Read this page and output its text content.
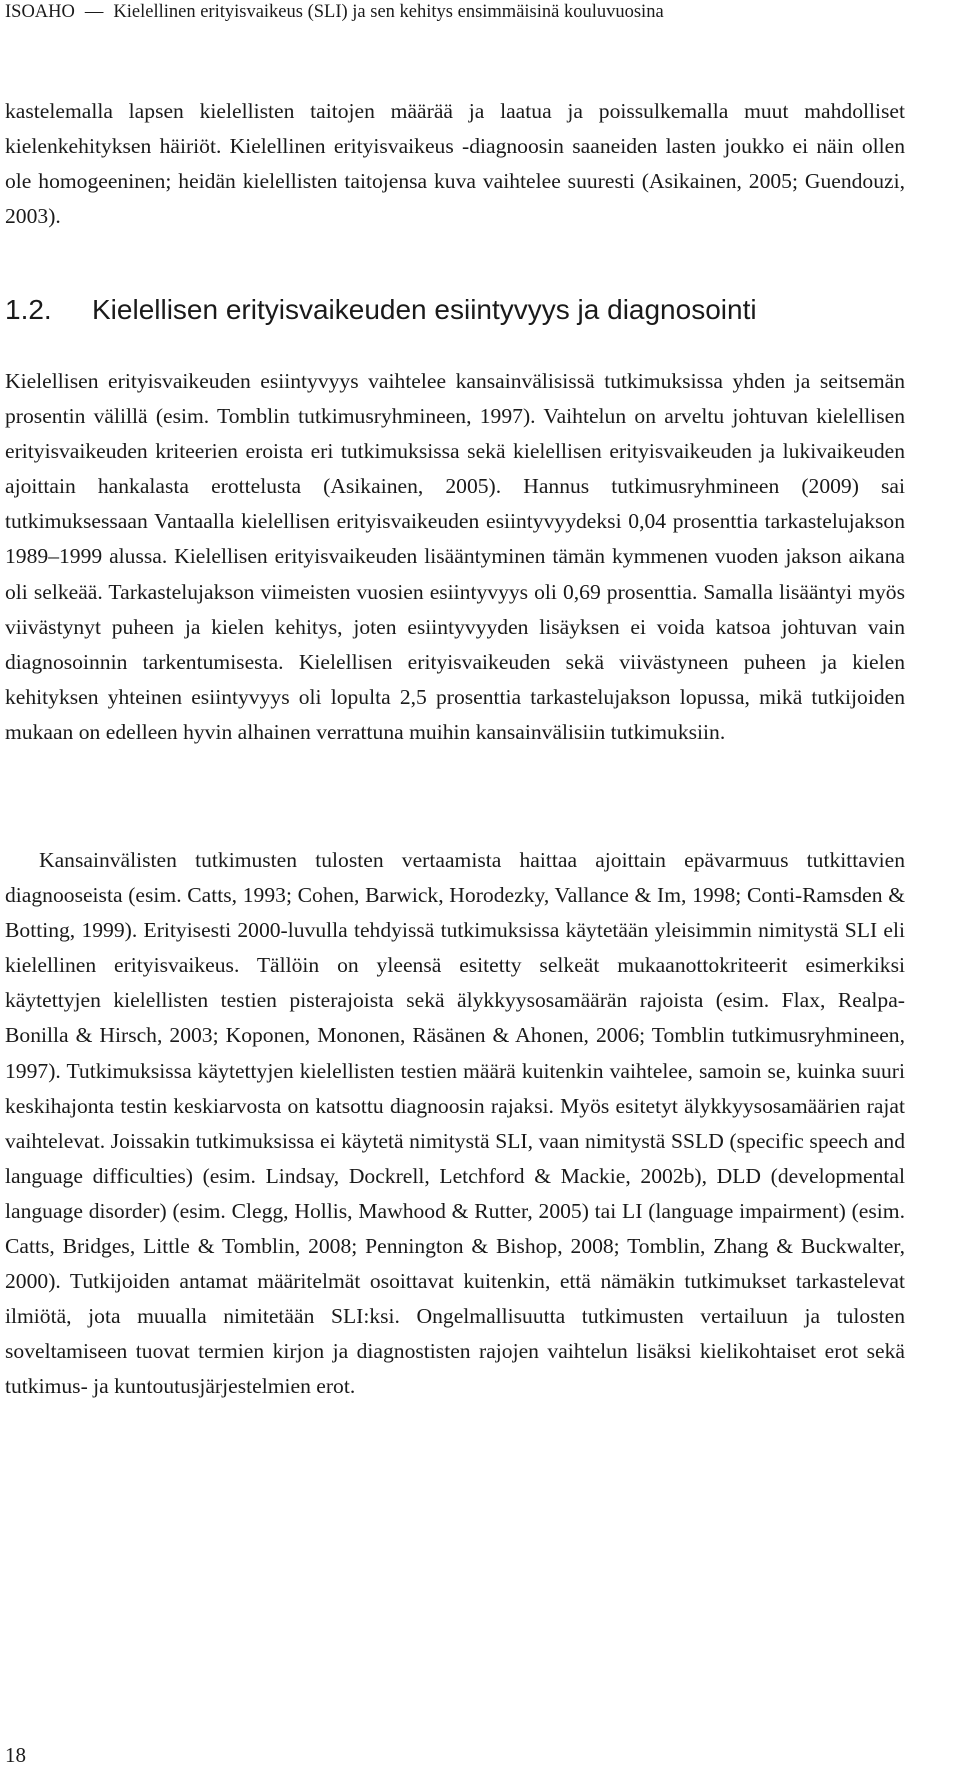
ISOAHO — Kielellinen erityisvaikeus (SLI) ja sen kehitys ensimmäisinä kouluvuosina

kastelemalla lapsen kielellisten taitojen määrää ja laatua ja poissulkemalla muut mahdolliset kielenkehityksen häiriöt. Kielellinen erityisvaikeus -diagnoosin saaneiden lasten joukko ei näin ollen ole homogeeninen; heidän kielellisten taitojensa kuva vaihtelee suuresti (Asikainen, 2005; Guendouzi, 2003).

1.2. Kielellisen erityisvaikeuden esiintyvyys ja diagnosointi

Kielellisen erityisvaikeuden esiintyvyys vaihtelee kansainvälisissä tutkimuksissa yhden ja seitsemän prosentin välillä (esim. Tomblin tutkimusryhmineen, 1997). Vaihtelun on arveltu johtuvan kielellisen erityisvaikeuden kriteerien eroista eri tutkimuksissa sekä kielellisen erityisvaikeuden ja lukivaikeuden ajoittain hankalasta erottelusta (Asikainen, 2005). Hannus tutkimusryhmineen (2009) sai tutkimuksessaan Vantaalla kielellisen erityisvaikeuden esiintyvyydeksi 0,04 prosenttia tarkastelujakson 1989–1999 alussa. Kielellisen erityisvaikeuden lisääntyminen tämän kymmenen vuoden jakson aikana oli selkeää. Tarkastelujakson viimeisten vuosien esiintyvyys oli 0,69 prosenttia. Samalla lisääntyi myös viivästynyt puheen ja kielen kehitys, joten esiintyvyyden lisäyksen ei voida katsoa johtuvan vain diagnosoinnin tarkentumisesta. Kielellisen erityisvaikeuden sekä viivästyneen puheen ja kielen kehityksen yhteinen esiintyvyys oli lopulta 2,5 prosenttia tarkastelujakson lopussa, mikä tutkijoiden mukaan on edelleen hyvin alhainen verrattuna muihin kansainvälisiin tutkimuksiin.

Kansainvälisten tutkimusten tulosten vertaamista haittaa ajoittain epävarmuus tutkittavien diagnooseista (esim. Catts, 1993; Cohen, Barwick, Horodezky, Vallance & Im, 1998; Conti-Ramsden & Botting, 1999). Erityisesti 2000-luvulla tehdyissä tutkimuksissa käytetään yleisimmin nimitystä SLI eli kielellinen erityisvaikeus. Tällöin on yleensä esitetty selkeät mukaanottokriteerit esimerkiksi käytettyjen kielellisten testien pisterajoista sekä älykkyysosamäärän rajoista (esim. Flax, Realpa-Bonilla & Hirsch, 2003; Koponen, Mononen, Räsänen & Ahonen, 2006; Tomblin tutkimusryhmineen, 1997). Tutkimuksissa käytettyjen kielellisten testien määrä kuitenkin vaihtelee, samoin se, kuinka suuri keskihajonta testin keskiarvosta on katsottu diagnoosin rajaksi. Myös esitetyt älykkyysosamäärien rajat vaihtelevat. Joissakin tutkimuksissa ei käytetä nimitystä SLI, vaan nimitystä SSLD (specific speech and language difficulties) (esim. Lindsay, Dockrell, Letchford & Mackie, 2002b), DLD (developmental language disorder) (esim. Clegg, Hollis, Mawhood & Rutter, 2005) tai LI (language impairment) (esim. Catts, Bridges, Little & Tomblin, 2008; Pennington & Bishop, 2008; Tomblin, Zhang & Buckwalter, 2000). Tutkijoiden antamat määritelmät osoittavat kuitenkin, että nämäkin tutkimukset tarkastelevat ilmiötä, jota muualla nimitetään SLI:ksi. Ongelmallisuutta tutkimusten vertailuun ja tulosten soveltamiseen tuovat termien kirjon ja diagnostisten rajojen vaihtelun lisäksi kielikohtaiset erot sekä tutkimus- ja kuntoutusjärjestelmien erot.

18
